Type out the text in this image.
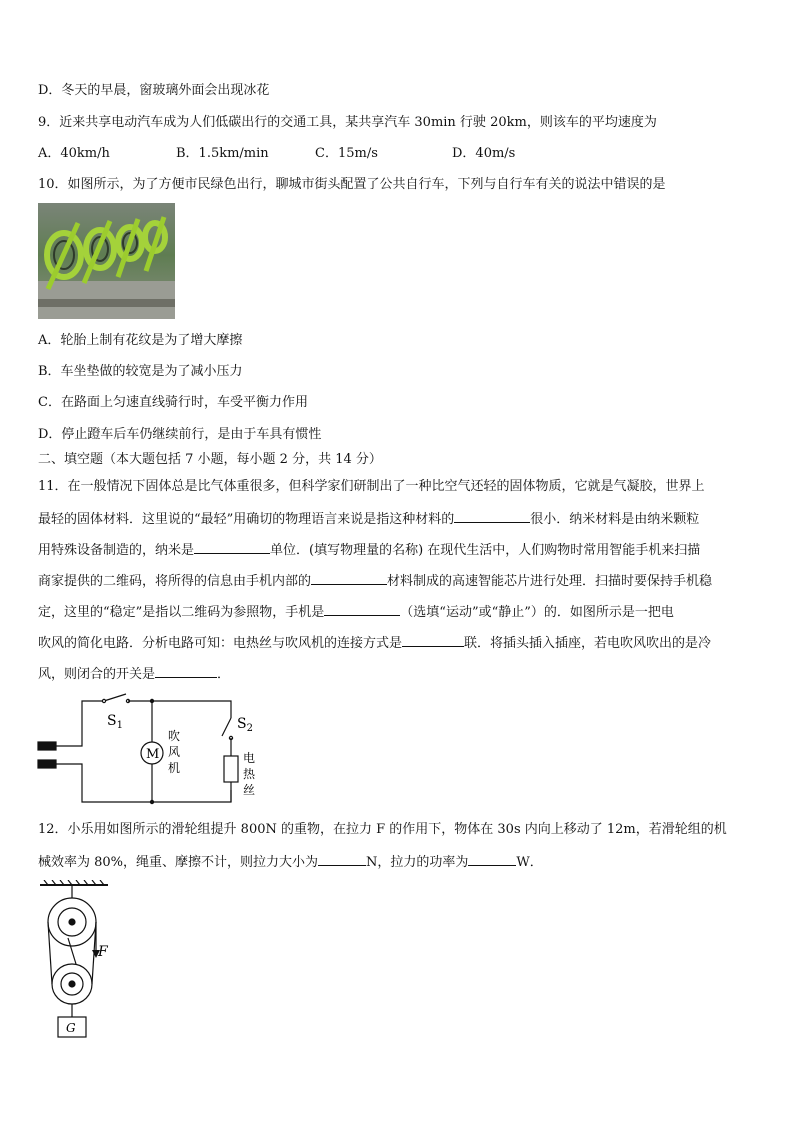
D．冬天的早晨，窗玻璃外面会出现冰花
9．近来共享电动汽车成为人们低碳出行的交通工具，某共享汽车 30min 行驶 20km，则该车的平均速度为
A．40km/h	B．1.5km/min	C．15m/s	D．40m/s
10．如图所示，为了方便市民绿色出行，聊城市街头配置了公共自行车，下列与自行车有关的说法中错误的是
A．轮胎上制有花纹是为了增大摩擦
B．车坐垫做的较宽是为了减小压力
C．在路面上匀速直线骑行时，车受平衡力作用
D．停止蹬车后车仍继续前行，是由于车具有惯性
二、填空题（本大题包括 7 小题，每小题 2 分，共 14 分）
11．在一般情况下固体总是比气体重很多，但科学家们研制出了一种比空气还轻的固体物质，它就是气凝胶，世界上
最轻的固体材料．这里说的“最轻”用确切的物理语言来说是指这种材料的	很小．纳米材料是由纳米颗粒
用特殊设备制造的，纳米是	单位．(填写物理量的名称) 在现代生活中，人们购物时常用智能手机来扫描
商家提供的二维码，将所得的信息由手机内部的	材料制成的高速智能芯片进行处理．扫描时要保持手机稳
定，这里的“稳定”是指以二维码为参照物，手机是	（选填“运动”或“静止”）的．如图所示是一把电
吹风的简化电路．分析电路可知：电热丝与吹风机的连接方式是	联．将插头插入插座，若电吹风吹出的是冷
风，则闭合的开关是	．
$S_1$	$S_2$
M
吹
风
机
电
热
丝
12．小乐用如图所示的滑轮组提升 800N 的重物，在拉力 F 的作用下，物体在 30s 内向上移动了 12m，若滑轮组的机
械效率为 80%，绳重、摩擦不计，则拉力大小为	N，拉力的功率为	W．
F
G
